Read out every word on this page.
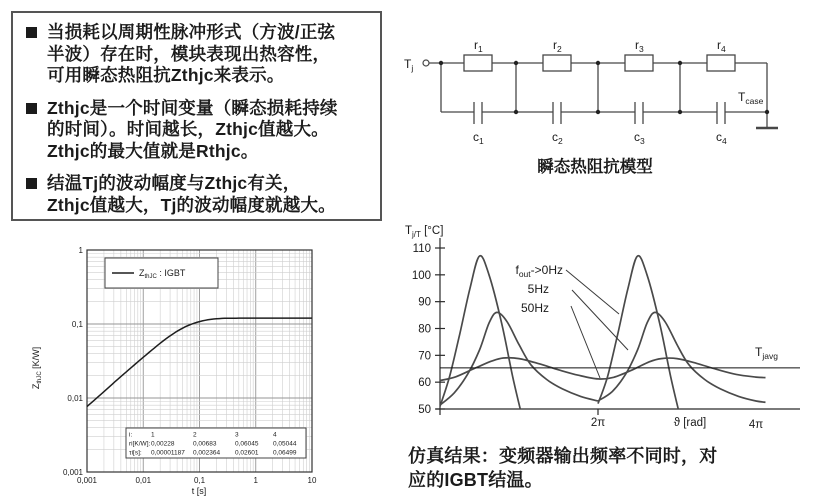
当损耗以周期性脉冲形式（方波/正弦
半波）存在时，模块表现出热容性，
可用瞬态热阻抗Zthjc来表示。
Zthjc是一个时间变量（瞬态损耗持续
的时间）。时间越长，Zthjc值越大。
Zthjc的最大值就是Rthjc。
结温Tj的波动幅度与Zthjc有关，
Zthjc值越大，Tj的波动幅度就越大。
$T_j$
$T_{case}$
$r_1$	$r_2$	$r_3$	$r_4$
$c_1$	$c_2$	$c_3$	$c_4$
瞬态热阻抗模型
$Z_{thJC}$ : IGBT
i:	1	2	3	4
ri[K/W]: 0,00228	0,00683	0,06045 0,05044
τi[s]: 0,00001187 0,002364 0,02601 0,06499
0,001	0,01	0,1	1	10
1
0,1
0,01
0,001
t [s]
$Z_{thJC}$ [K/W]
110
100
90
80
70
60
50
$T_{j/T}$ [°C]
2π	4π
ϑ [rad]
$T_{javg}$
$f_{out}->0Hz$
5Hz
50Hz
仿真结果：变频器输出频率不同时，对
应的IGBT结温。
